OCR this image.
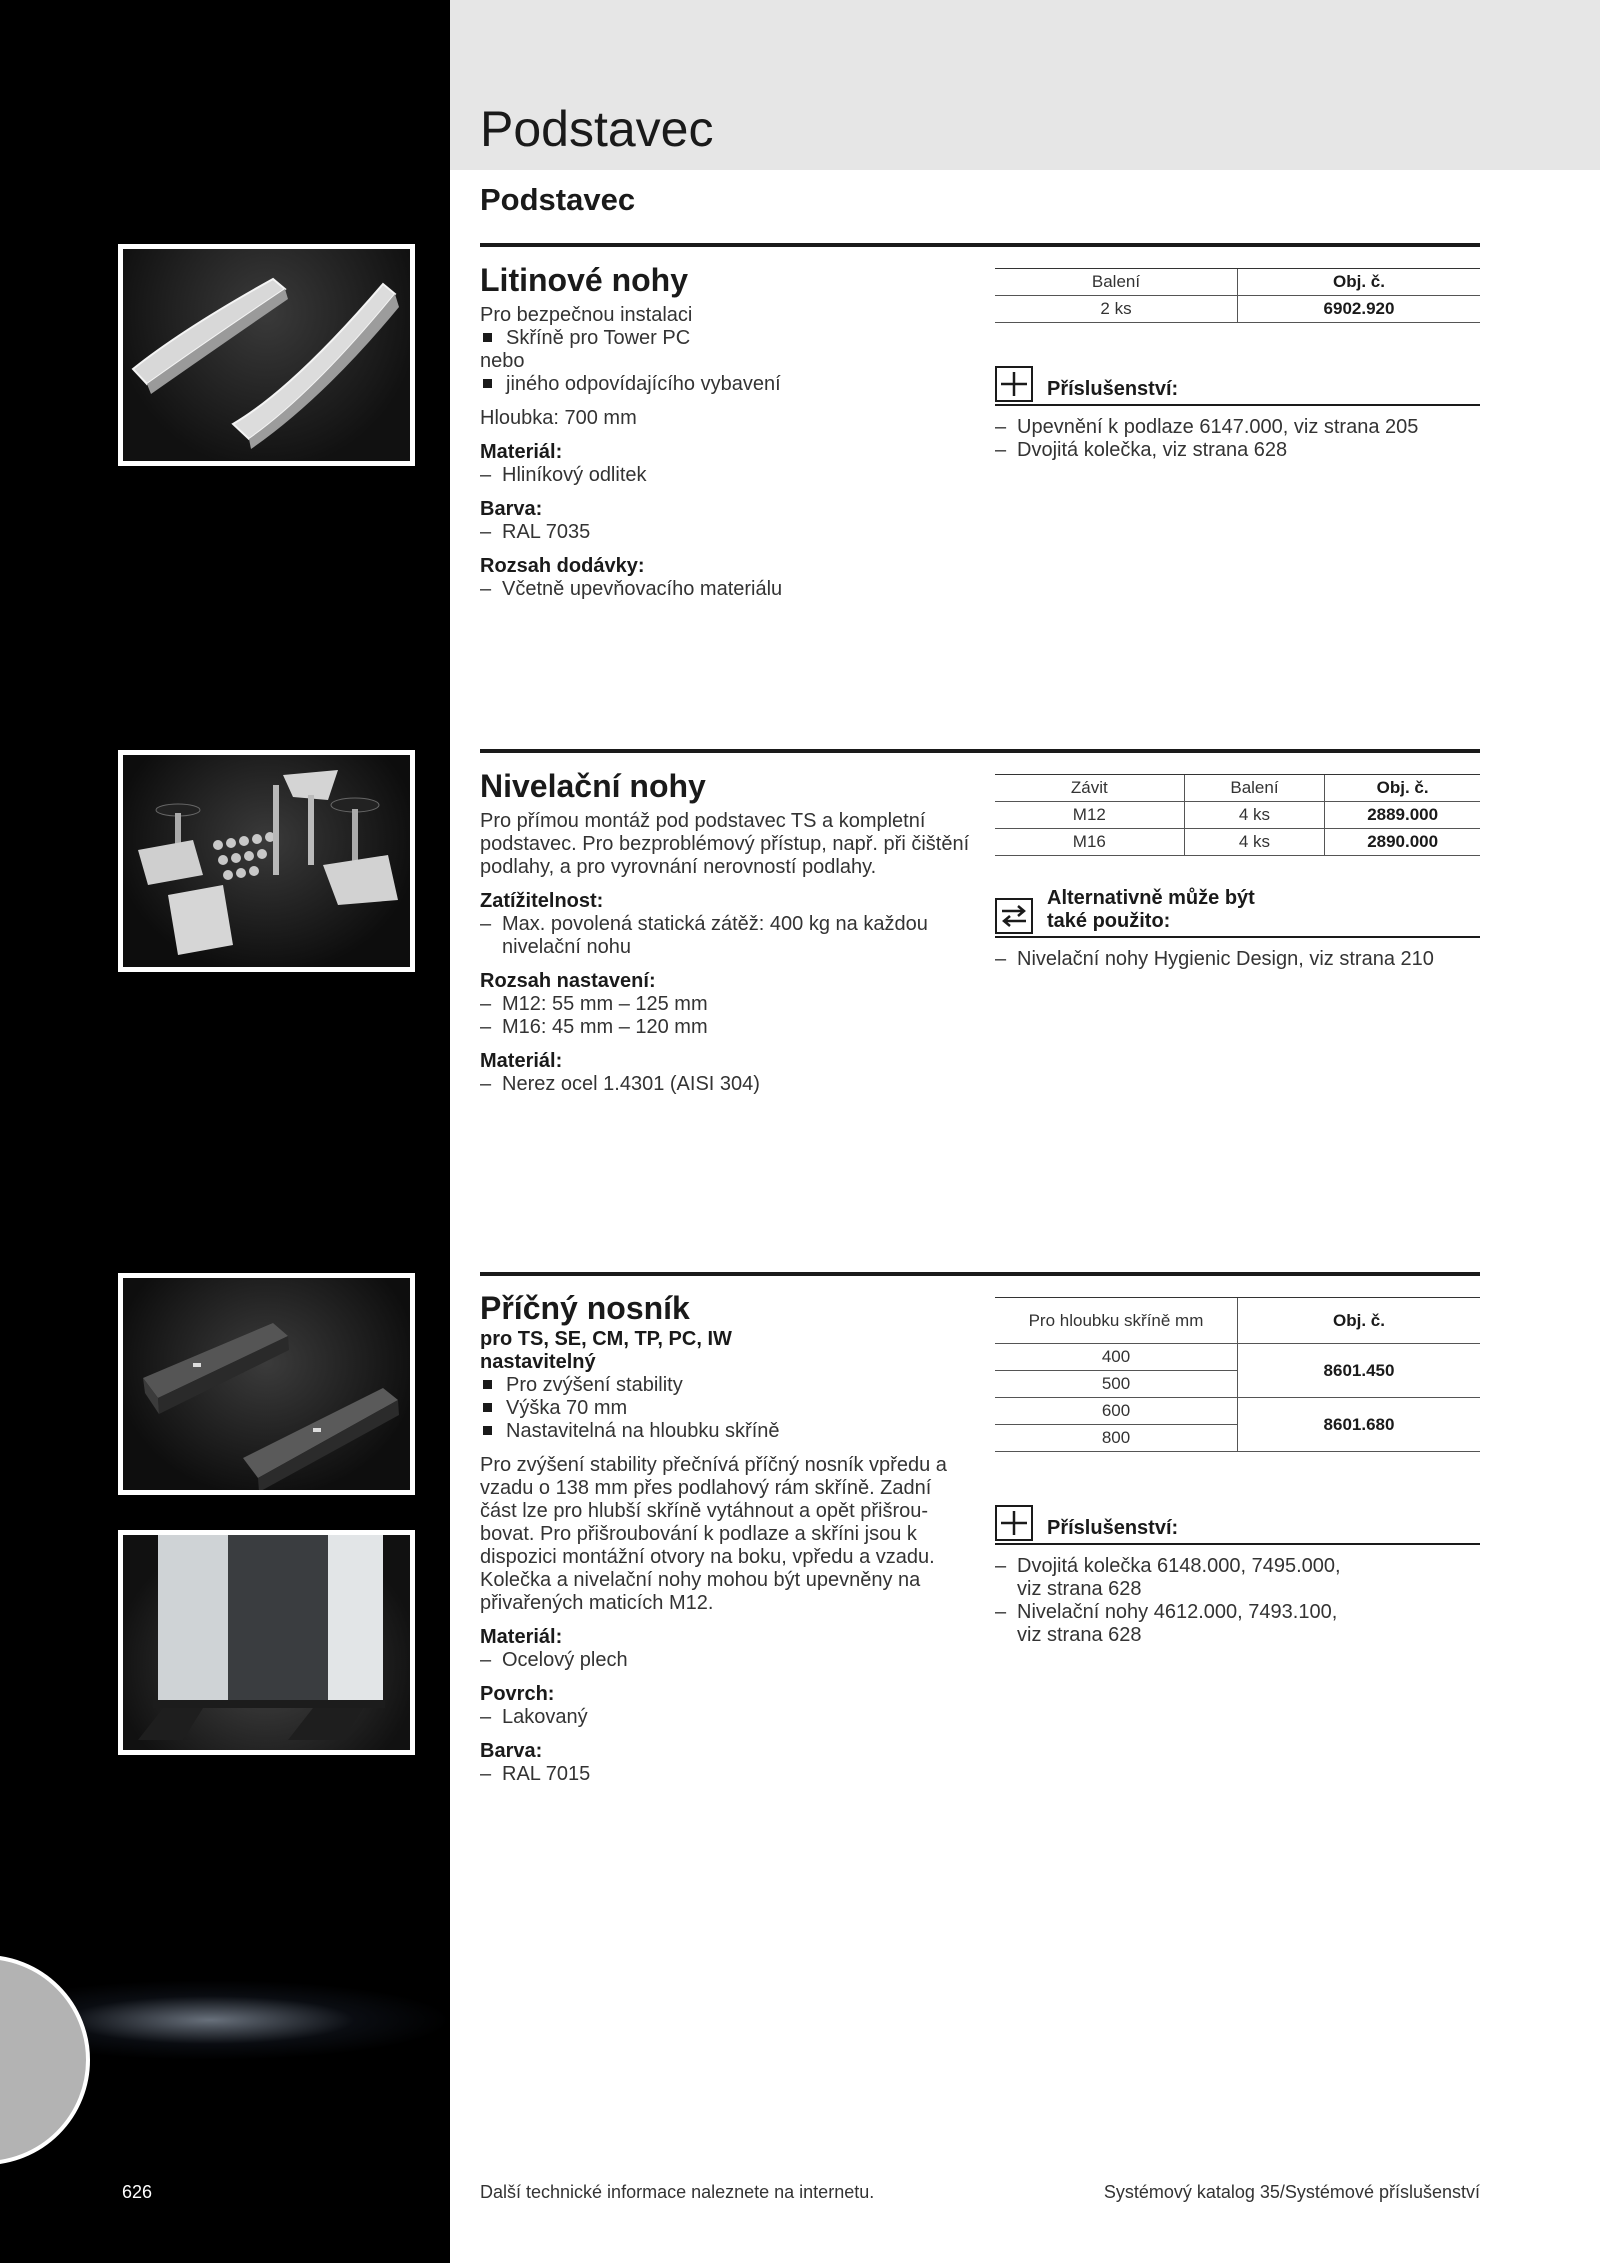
Podstavec
Podstavec
Litinové nohy
Pro bezpečnou instalaci
Skříně pro Tower PC
nebo
jiného odpovídajícího vybavení
Hloubka: 700 mm
Materiál:
– Hliníkový odlitek
Barva:
– RAL 7035
Rozsah dodávky:
– Včetně upevňovacího materiálu
Balení	Obj. č.
2 ks	6902.920
Příslušenství:
– Upevnění k podlaze 6147.000, viz strana 205
– Dvojitá kolečka, viz strana 628
Nivelační nohy
Pro přímou montáž pod podstavec TS a kompletní podstavec. Pro bezproblémový přístup, např. při čištění podlahy, a pro vyrovnání nerovností podlahy.
Zatížitelnost:
– Max. povolená statická zátěž: 400 kg na každou nivelační nohu
Rozsah nastavení:
– M12: 55 mm – 125 mm
– M16: 45 mm – 120 mm
Materiál:
– Nerez ocel 1.4301 (AISI 304)
Závit	Balení	Obj. č.
M12	4 ks	2889.000
M16	4 ks	2890.000
Alternativně může být
také použito:
– Nivelační nohy Hygienic Design, viz strana 210
Příčný nosník
pro TS, SE, CM, TP, PC, IW
nastavitelný
Pro zvýšení stability
Výška 70 mm
Nastavitelná na hloubku skříně
Pro zvýšení stability přečnívá příčný nosník vpředu a vzadu o 138 mm přes podlahový rám skříně. Zadní část lze pro hlubší skříně vytáhnout a opět přišrou-bovat. Pro přišroubování k podlaze a skříni jsou k dispozici montážní otvory na boku, vpředu a vzadu. Kolečka a nivelační nohy mohou být upevněny na přivařených maticích M12.
Materiál:
– Ocelový plech
Povrch:
– Lakovaný
Barva:
– RAL 7015
Pro hloubku skříně mm	Obj. č.
400	8601.450
500	
600	8601.680
800	
Příslušenství:
– Dvojitá kolečka 6148.000, 7495.000, viz strana 628
– Nivelační nohy 4612.000, 7493.100, viz strana 628
626	Další technické informace naleznete na internetu.	Systémový katalog 35/Systémové příslušenství
